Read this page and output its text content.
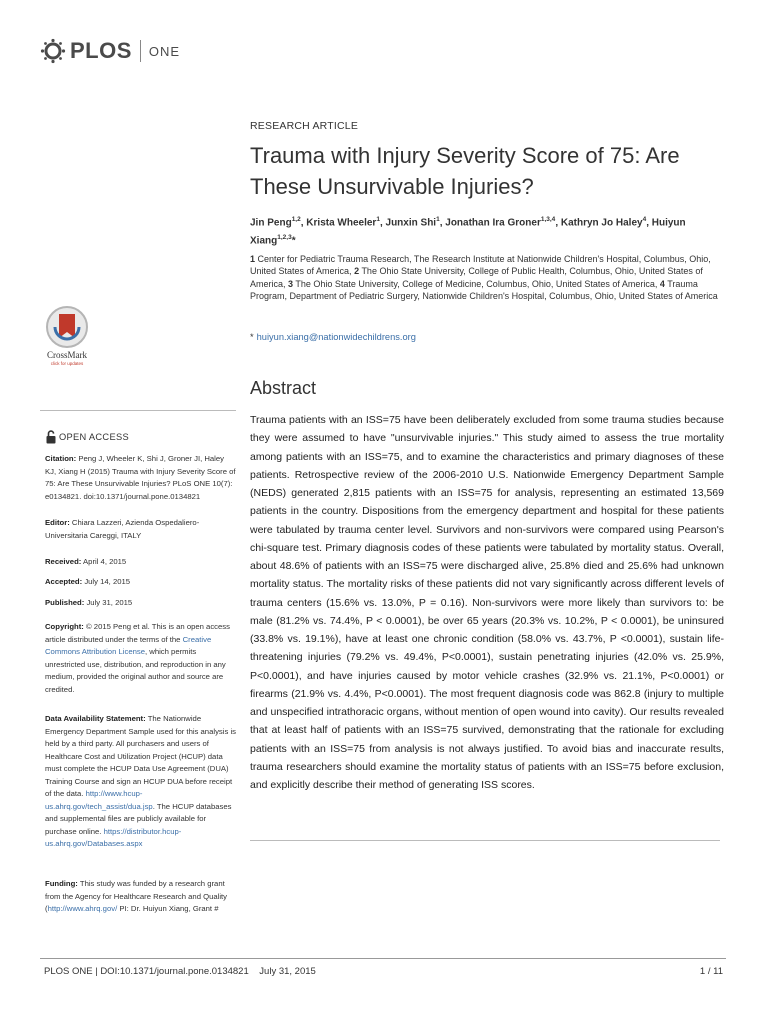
PLOS ONE
RESEARCH ARTICLE
Trauma with Injury Severity Score of 75: Are These Unsurvivable Injuries?
Jin Peng$^{1,2}$, Krista Wheeler$^1$, Junxin Shi$^1$, Jonathan Ira Groner$^{1,3,4}$, Kathryn Jo Haley$^4$, Huiyun Xiang$^{1,2,3}$*
1 Center for Pediatric Trauma Research, The Research Institute at Nationwide Children's Hospital, Columbus, Ohio, United States of America, 2 The Ohio State University, College of Public Health, Columbus, Ohio, United States of America, 3 The Ohio State University, College of Medicine, Columbus, Ohio, United States of America, 4 Trauma Program, Department of Pediatric Surgery, Nationwide Children's Hospital, Columbus, Ohio, United States of America
* huiyun.xiang@nationwidechildrens.org
Abstract

Trauma patients with an ISS=75 have been deliberately excluded from some trauma studies because they were assumed to have "unsurvivable injuries." This study aimed to assess the true mortality among patients with an ISS=75, and to examine the characteristics and primary diagnoses of these patients. Retrospective review of the 2006-2010 U.S. Nationwide Emergency Department Sample (NEDS) generated 2,815 patients with an ISS=75 for analysis, representing an estimated 13,569 patients in the country. Dispositions from the emergency department and hospital for these patients were tabulated by trauma center level. Survivors and non-survivors were compared using Pearson's chi-square test. Primary diagnosis codes of these patients were tabulated by mortality status. Overall, about 48.6% of patients with an ISS=75 were discharged alive, 25.8% died and 25.6% had unknown mortality status. The mortality risks of these patients did not vary significantly across different levels of trauma centers (15.6% vs. 13.0%, P = 0.16). Non-survivors were more likely than survivors to: be male (81.2% vs. 74.4%, P < 0.0001), be over 65 years (20.3% vs. 10.2%, P < 0.0001), be uninsured (33.8% vs. 19.1%), have at least one chronic condition (58.0% vs. 43.7%, P <0.0001), sustain life-threatening injuries (79.2% vs. 49.4%, P<0.0001), sustain penetrating injuries (42.0% vs. 25.9%, P<0.0001), and have injuries caused by motor vehicle crashes (32.9% vs. 21.1%, P<0.0001) or firearms (21.9% vs. 4.4%, P<0.0001). The most frequent diagnosis code was 862.8 (injury to multiple and unspecified intrathoracic organs, without mention of open wound into cavity). Our results revealed that at least half of patients with an ISS=75 survived, demonstrating that the rationale for excluding patients with an ISS=75 from analysis is not always justified. To avoid bias and inaccurate results, trauma researchers should examine the mortality status of patients with an ISS=75 before exclusion, and explicitly describe their method of generating ISS scores.

CrossMark
click for updates
OPEN ACCESS
Citation: Peng J, Wheeler K, Shi J, Groner JI, Haley KJ, Xiang H (2015) Trauma with Injury Severity Score of 75: Are These Unsurvivable Injuries? PLoS ONE 10(7): e0134821. doi:10.1371/journal.pone.0134821
Editor: Chiara Lazzeri, Azienda Ospedaliero-Universitaria Careggi, ITALY
Received: April 4, 2015
Accepted: July 14, 2015
Published: July 31, 2015
Copyright: © 2015 Peng et al. This is an open access article distributed under the terms of the Creative Commons Attribution License, which permits unrestricted use, distribution, and reproduction in any medium, provided the original author and source are credited.
Data Availability Statement: The Nationwide Emergency Department Sample used for this analysis is held by a third party. All purchasers and users of Healthcare Cost and Utilization Project (HCUP) data must complete the HCUP Data Use Agreement (DUA) Training Course and sign an HCUP DUA before receipt of the data. http://www.hcup-us.ahrq.gov/tech_assist/dua.jsp. The HCUP databases and supplemental files are publicly available for purchase online. https://distributor.hcup-us.ahrq.gov/Databases.aspx
Funding: This study was funded by a research grant from the Agency for Healthcare Research and Quality (http://www.ahrq.gov/ PI: Dr. Huiyun Xiang, Grant #
PLOS ONE | DOI:10.1371/journal.pone.0134821    July 31, 2015	1 / 11
